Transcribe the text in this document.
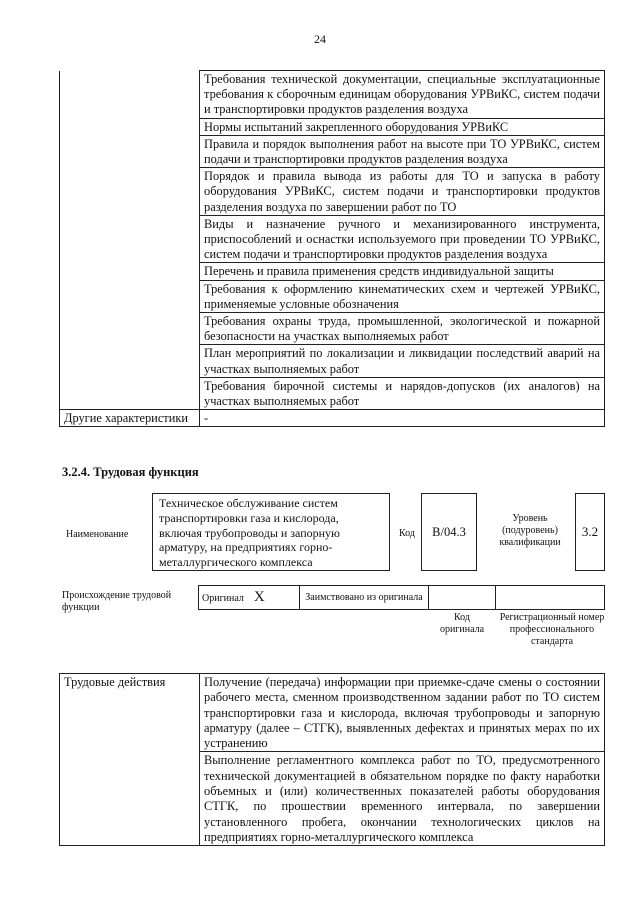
24
	Требования технической документации, специальные эксплуатационные требования к сборочным единицам оборудования УРВиКС, систем подачи и транспортировки продуктов разделения воздуха
	Нормы испытаний закрепленного оборудования УРВиКС
	Правила и порядок выполнения работ на высоте при ТО УРВиКС, систем подачи и транспортировки продуктов разделения воздуха
	Порядок и правила вывода из работы для ТО и запуска в работу оборудования УРВиКС, систем подачи и транспортировки продуктов разделения воздуха по завершении работ по ТО
	Виды и назначение ручного и механизированного инструмента, приспособлений и оснастки используемого при проведении ТО УРВиКС, систем подачи и транспортировки продуктов разделения воздуха
	Перечень и правила применения средств индивидуальной защиты
	Требования к оформлению кинематических схем и чертежей УРВиКС, применяемые условные обозначения
	Требования охраны труда, промышленной, экологической и пожарной безопасности на участках выполняемых работ
	План мероприятий по локализации и ликвидации последствий аварий на участках выполняемых работ
	Требования бирочной системы и нарядов-допусков (их аналогов) на участках выполняемых работ
Другие характеристики	-
3.2.4. Трудовая функция
Наименование
Техническое обслуживание систем транспортировки газа и кислорода, включая трубопроводы и запорную арматуру, на предприятиях горно-металлургического комплекса
Код	B/04.3
Уровень (подуровень) квалификации
3.2
Происхождение трудовой функции
Оригинал X	Заимствовано из оригинала		
Код оригинала
Регистрационный номер профессионального стандарта
Трудовые действия	Получение (передача) информации при приемке-сдаче смены о состоянии рабочего места, сменном производственном задании работ по ТО систем транспортировки газа и кислорода, включая трубопроводы и запорную арматуру (далее – СТГК), выявленных дефектах и принятых мерах по их устранению
	Выполнение регламентного комплекса работ по ТО, предусмотренного технической документацией в обязательном порядке по факту наработки объемных и (или) количественных показателей работы оборудования СТГК, по прошествии временного интервала, по завершении установленного пробега, окончании технологических циклов на предприятиях горно-металлургического комплекса
